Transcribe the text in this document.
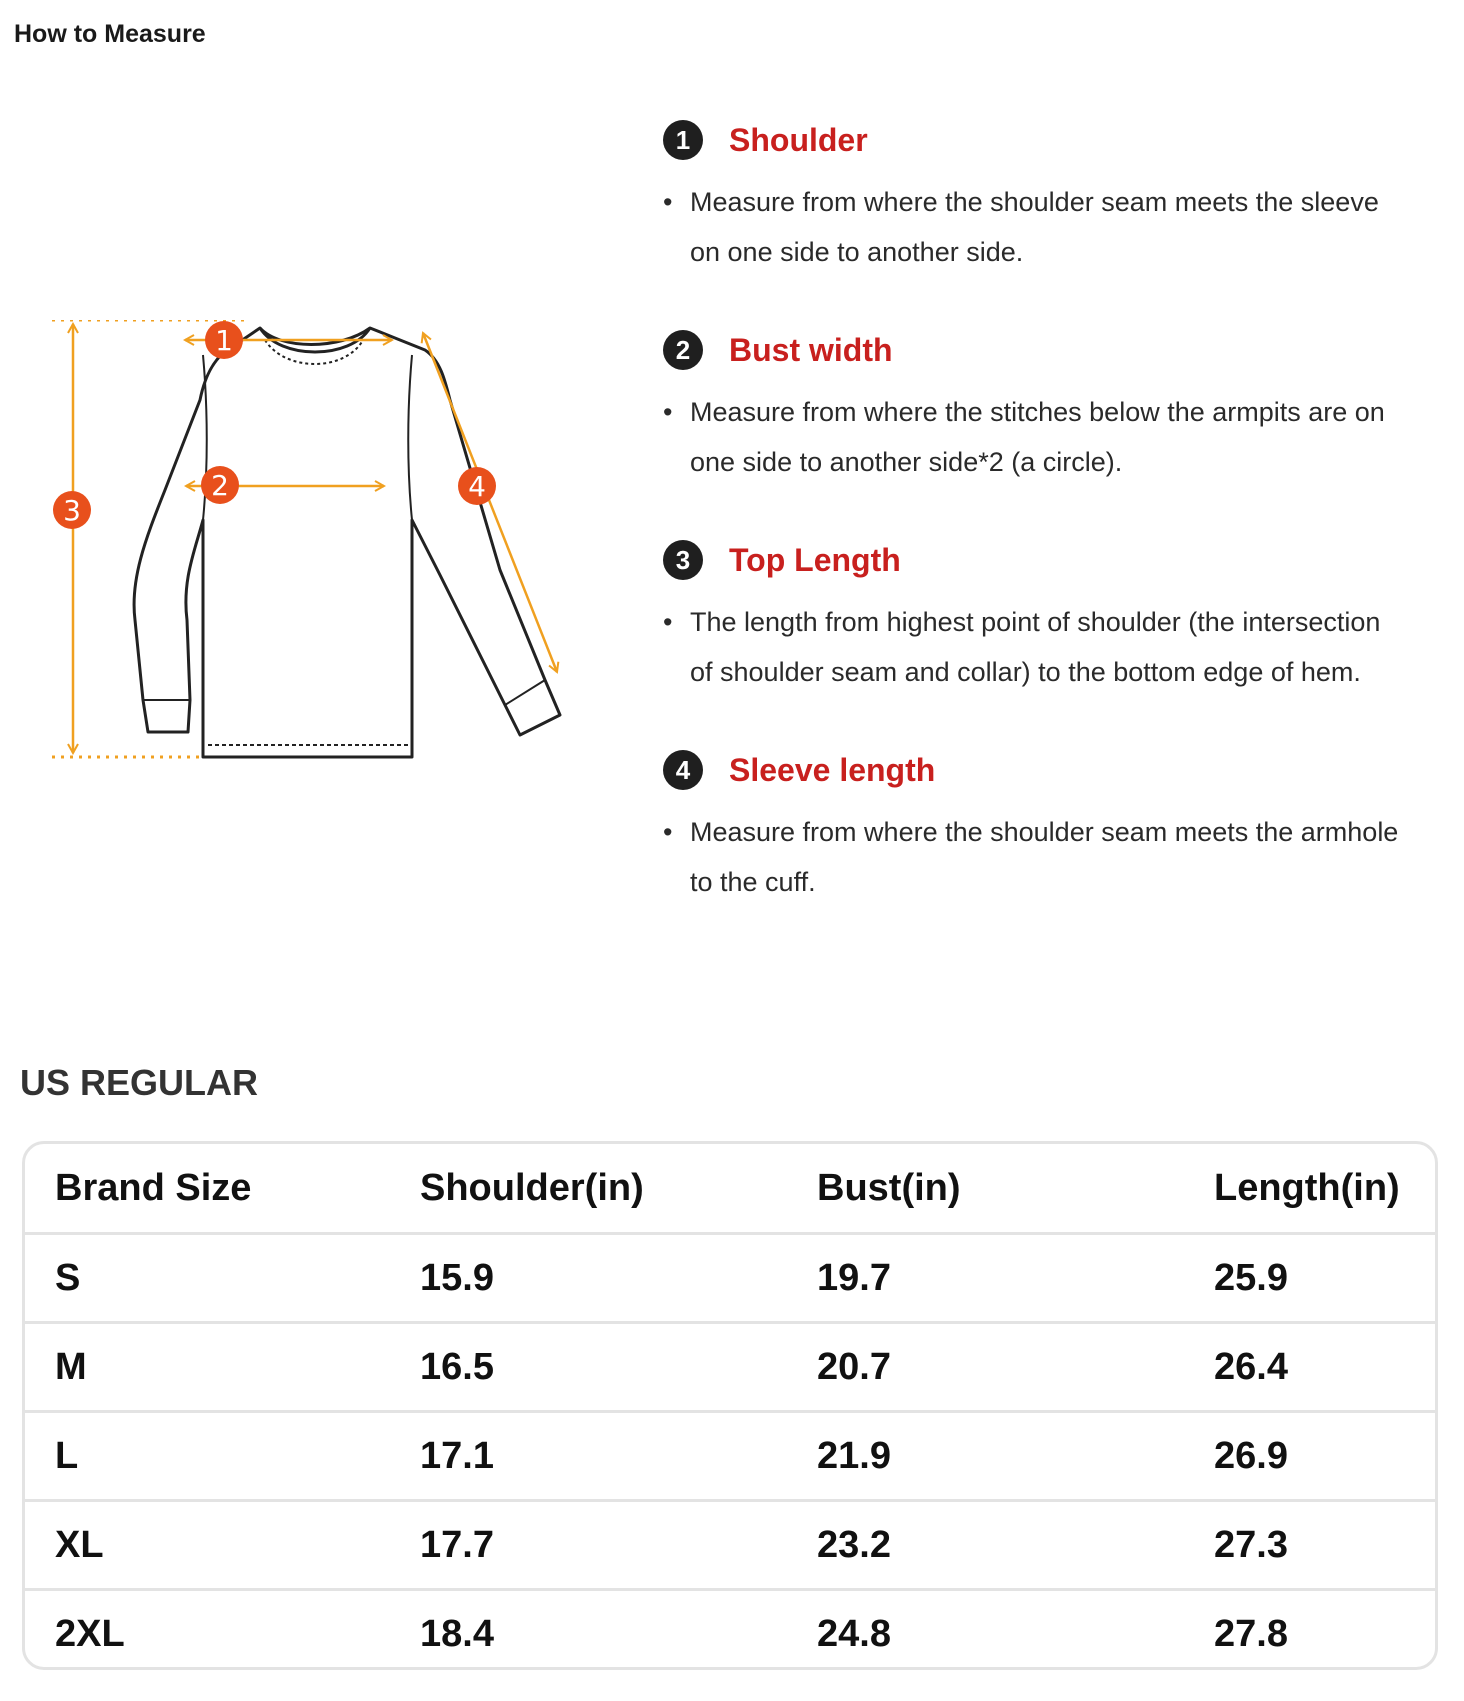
How to Measure
1
2
3
4
1	Shoulder
• Measure from where the shoulder seam meets the sleeve on one side to another side.
2	Bust width
• Measure from where the stitches below the armpits are on one side to another side*2 (a circle).
3	Top Length
• The length from highest point of shoulder (the intersection of shoulder seam and collar) to the bottom edge of hem.
4	Sleeve length
• Measure from where the shoulder seam meets the armhole to the cuff.
US REGULAR
Brand Size	Shoulder(in)	Bust(in)	Length(in)
S	15.9	19.7	25.9
M	16.5	20.7	26.4
L	17.1	21.9	26.9
XL	17.7	23.2	27.3
2XL	18.4	24.8	27.8
